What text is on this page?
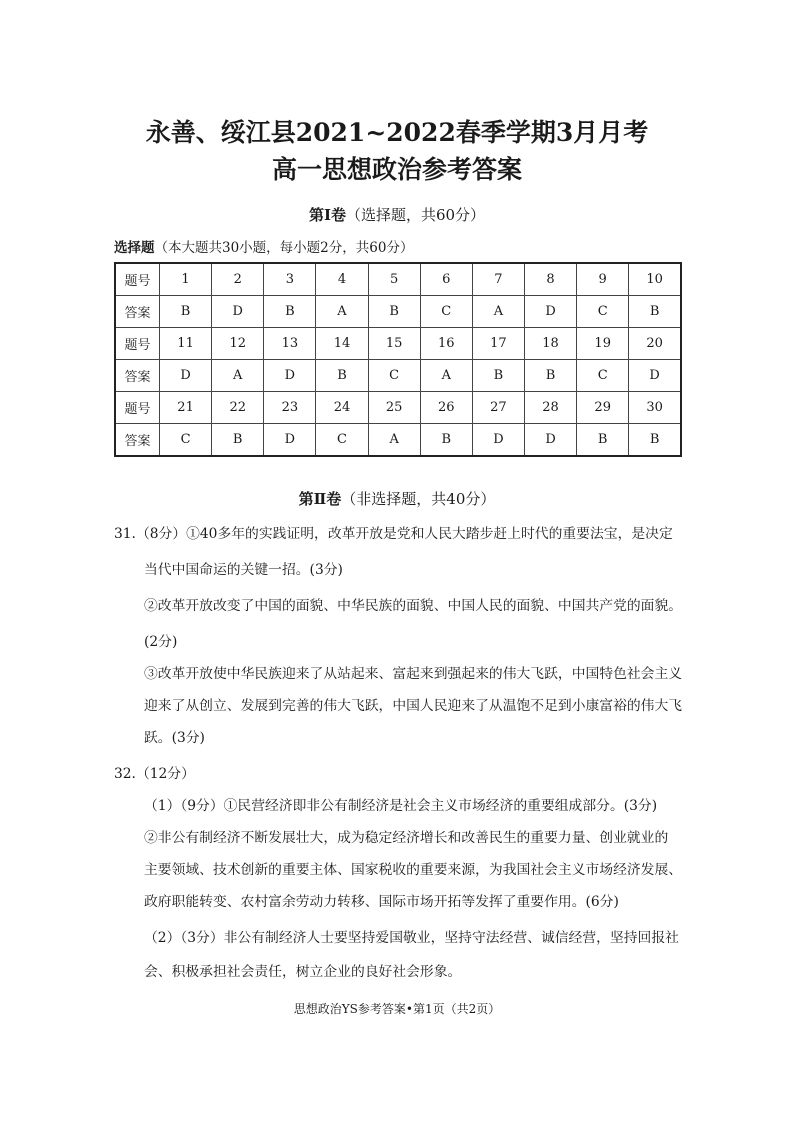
永善、绥江县2021~2022春季学期3月月考
高一思想政治参考答案
第Ⅰ卷（选择题，共60分）
选择题（本大题共30小题，每小题2分，共60分）
题号	1	2	3	4	5	6	7	8	9	10
答案	B	D	B	A	B	C	A	D	C	B
题号	11	12	13	14	15	16	17	18	19	20
答案	D	A	D	B	C	A	B	B	C	D
题号	21	22	23	24	25	26	27	28	29	30
答案	C	B	D	C	A	B	D	D	B	B
第Ⅱ卷（非选择题，共40分）
31.（8分）①40多年的实践证明，改革开放是党和人民大踏步赶上时代的重要法宝，是决定
当代中国命运的关键一招。(3分)
②改革开放改变了中国的面貌、中华民族的面貌、中国人民的面貌、中国共产党的面貌。
(2分)
③改革开放使中华民族迎来了从站起来、富起来到强起来的伟大飞跃，中国特色社会主义
迎来了从创立、发展到完善的伟大飞跃，中国人民迎来了从温饱不足到小康富裕的伟大飞
跃。(3分)
32.（12分）
（1）（9分）①民营经济即非公有制经济是社会主义市场经济的重要组成部分。(3分)
②非公有制经济不断发展壮大，成为稳定经济增长和改善民生的重要力量、创业就业的
主要领域、技术创新的重要主体、国家税收的重要来源，为我国社会主义市场经济发展、
政府职能转变、农村富余劳动力转移、国际市场开拓等发挥了重要作用。(6分)
（2）（3分）非公有制经济人士要坚持爱国敬业，坚持守法经营、诚信经营，坚持回报社
会、积极承担社会责任，树立企业的良好社会形象。
思想政治YS参考答案•第1页（共2页）
